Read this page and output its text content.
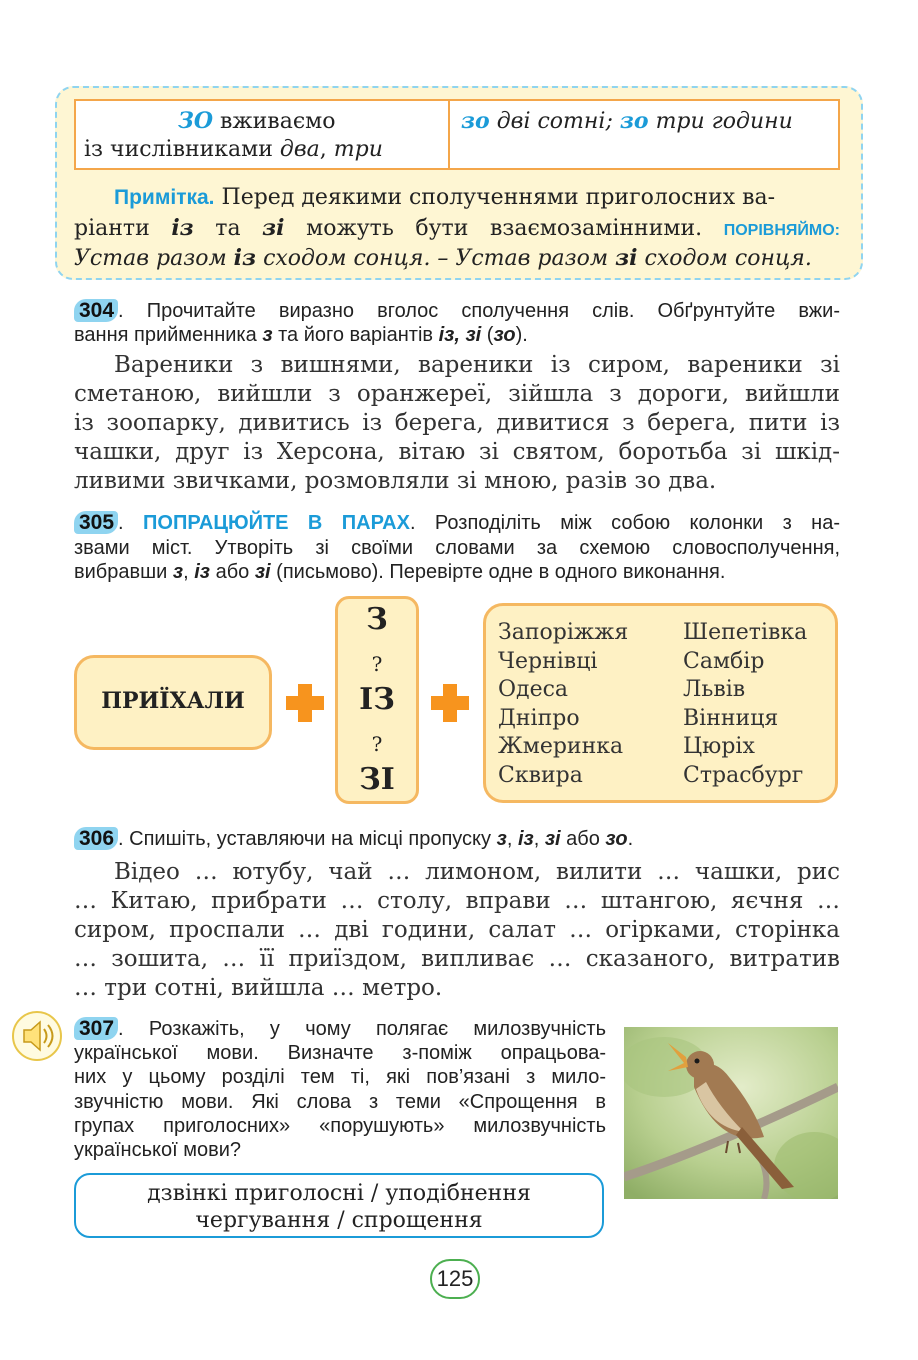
ЗО вживаємо
із числівниками два, три
зо дві сотні; зо три години
Примітка. Перед деякими сполученнями приголосних ва-
ріанти із та зі можуть бути взаємозамінними. ПОРІВНЯЙМО:
Устав разом із сходом сонця. – Устав разом зі сходом сонця.
304 . Прочитайте виразно вголос сполучення слів. Обґрунтуйте вжи-
вання прийменника з та його варіантів із, зі (зо).
Вареники з вишнями, вареники із сиром, вареники зі
сметаною, вийшли з оранжереї, зійшла з дороги, вийшли
із зоопарку, дивитись із берега, дивитися з берега, пити із
чашки, друг із Херсона, вітаю зі святом, боротьба зі шкід-
ливими звичками, розмовляли зі мною, разів зо два.
305 . ПОПРАЦЮЙТЕ В ПАРАХ. Розподіліть між собою колонки з на-
звами міст. Утворіть зі своїми словами за схемою словосполучення,
вибравши з, із або зі (письмово). Перевірте одне в одного виконання.
ПРИЇХАЛИ
З
?
ІЗ
?
ЗІ
Запоріжжя
Чернівці
Одеса
Дніпро
Жмеринка
Сквира
Шепетівка
Самбір
Львів
Вінниця
Цюріх
Страсбург
306 . Спишіть, уставляючи на місці пропуску з, із, зі або зо.
Відео … ютубу, чай … лимоном, вилити … чашки, рис
… Китаю, прибрати … столу, вправи … штангою, яєчня …
сиром, проспали … дві години, салат … огірками, сторінка
… зошита, … її приїздом, випливає … сказаного, витратив
… три сотні, вийшла … метро.
307 . Розкажіть, у чому полягає милозвучність
української мови. Визначте з-поміж опрацьова-
них у цьому розділі тем ті, які пов’язані з мило-
звучністю мови. Які слова з теми «Спрощення в
групах приголосних» «порушують» милозвучність
української мови?
дзвінкі приголосні / уподібнення
чергування / спрощення
125
